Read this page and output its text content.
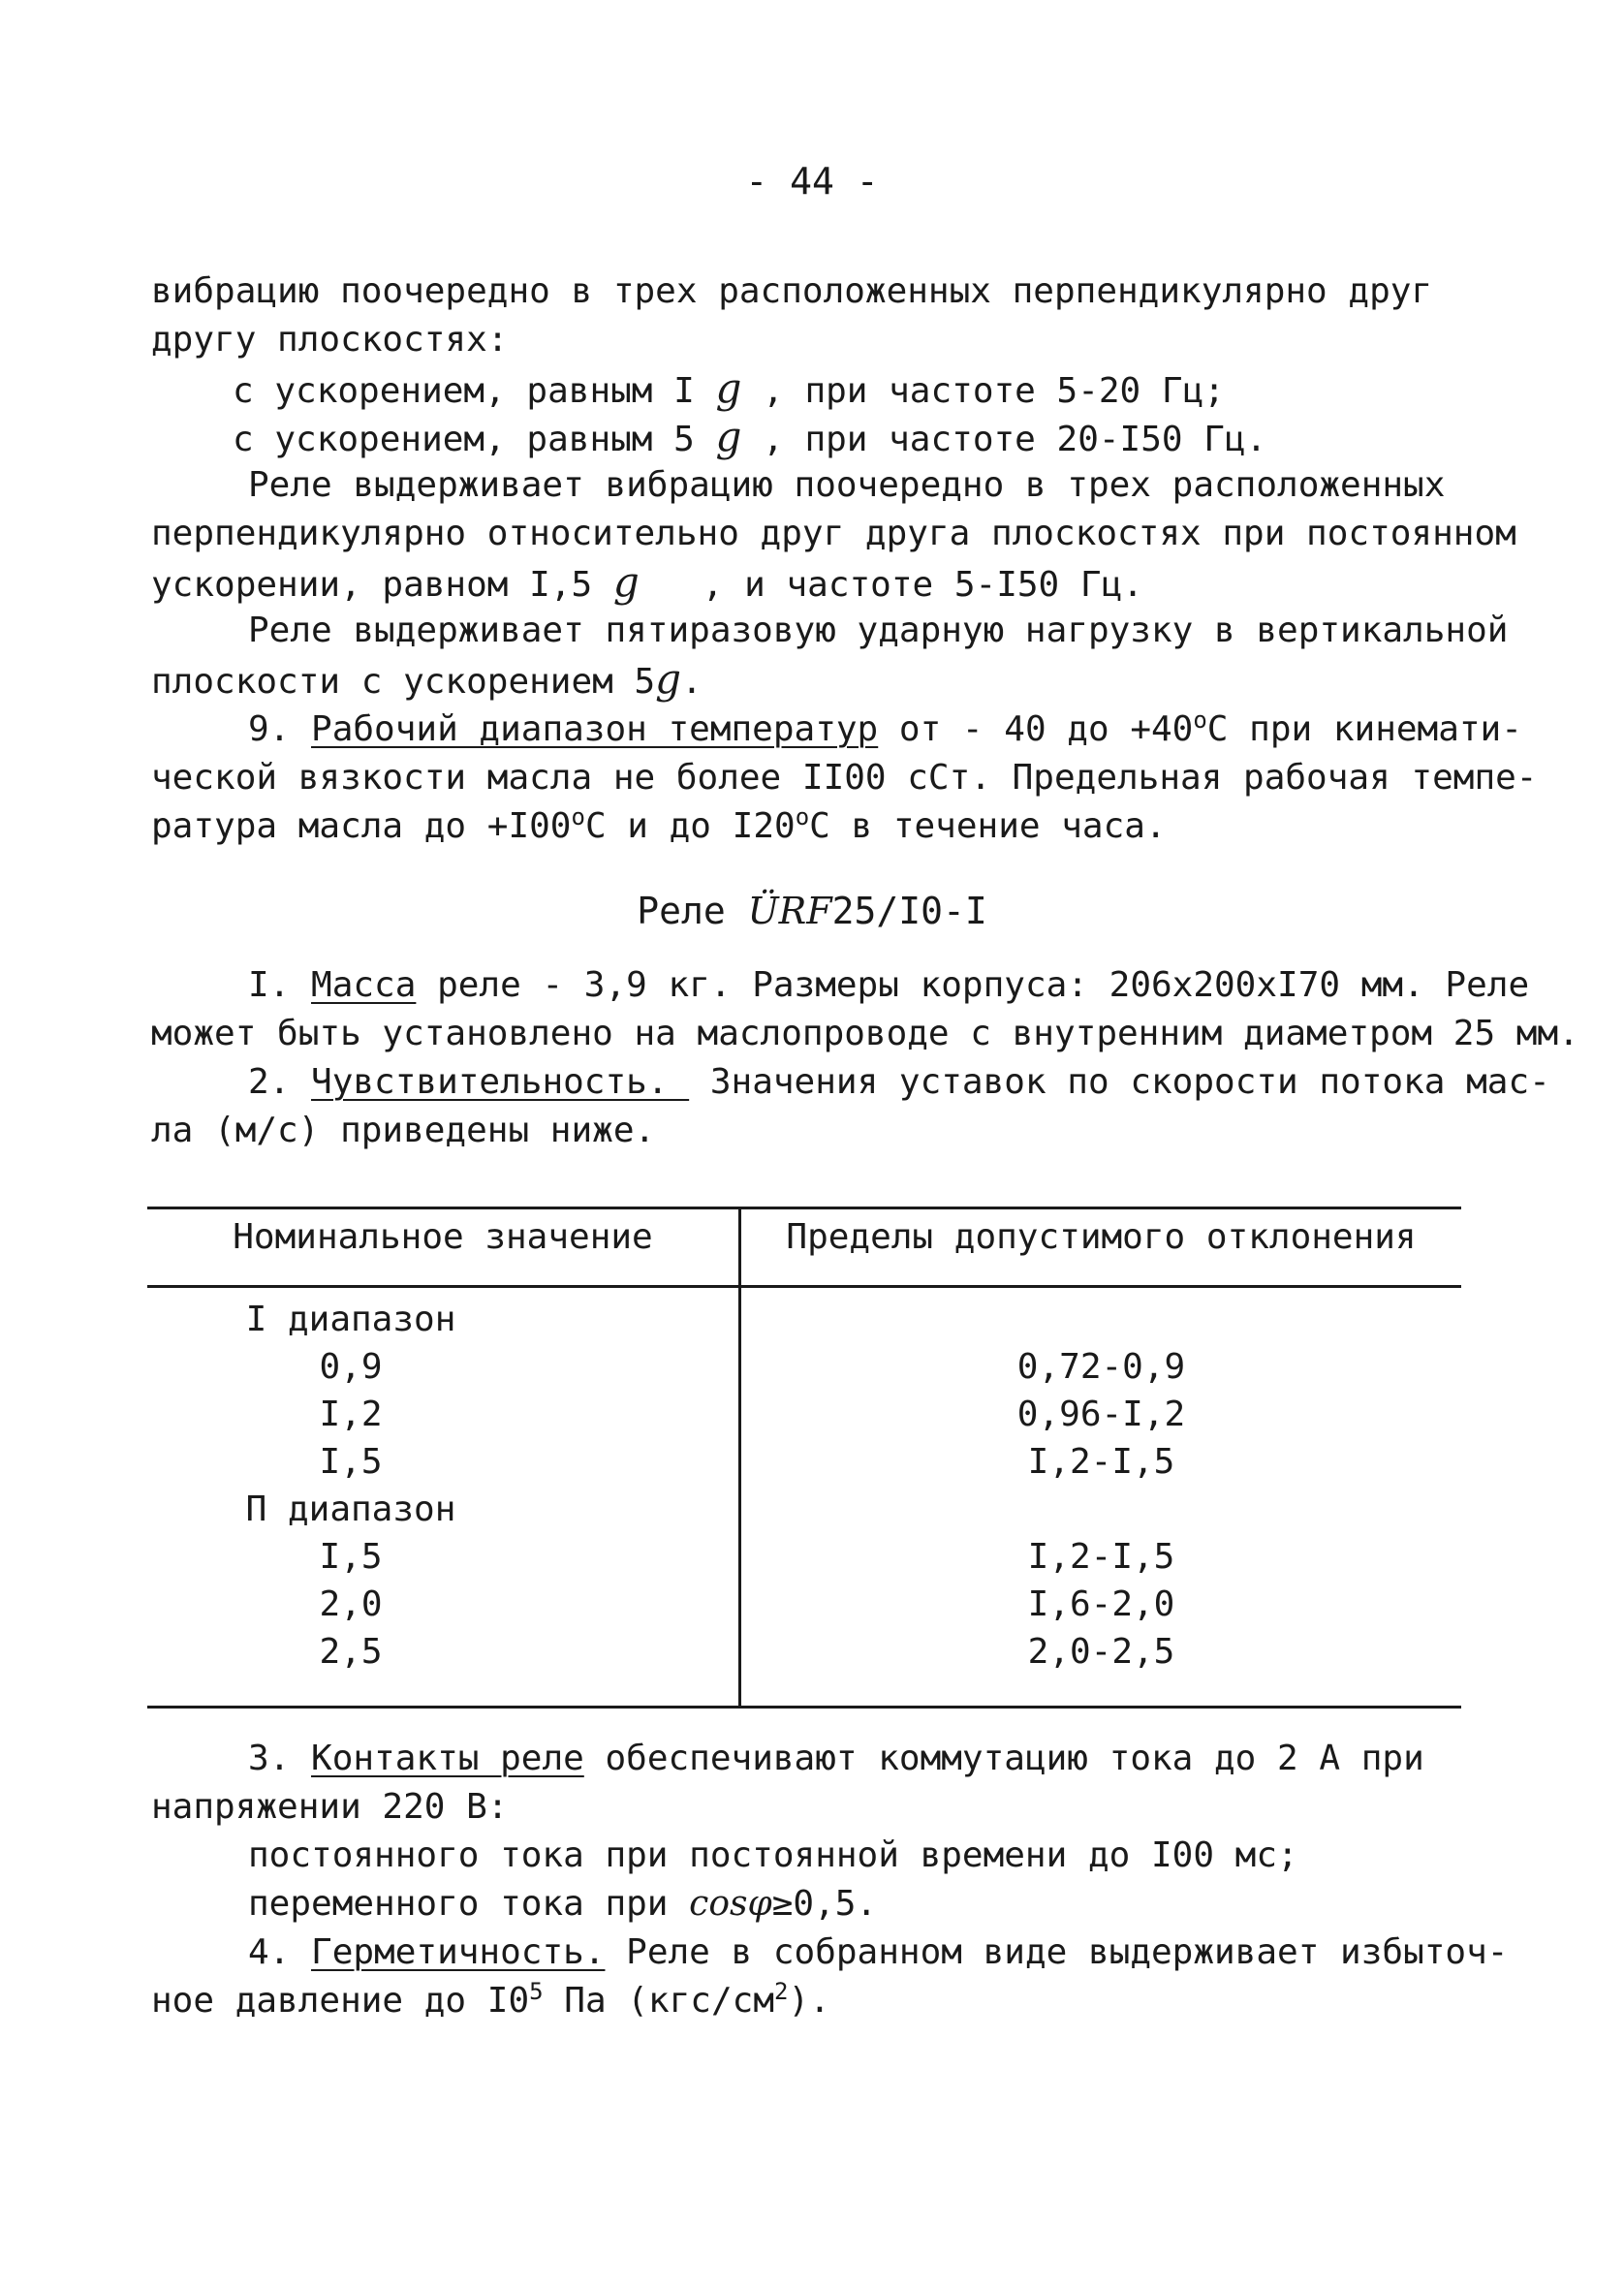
- 44 -
вибрацию поочередно в трех расположенных перпендикулярно друг
другу плоскостях:
с ускорением, равным I g , при частоте 5-20 Гц;
с ускорением, равным 5 g , при частоте 20-I50 Гц.
Реле выдерживает вибрацию поочередно в трех расположенных
перпендикулярно относительно друг друга плоскостях при постоянном
ускорении, равном I,5 g   , и частоте 5-I50 Гц.
Реле выдерживает пятиразовую ударную нагрузку в вертикальной
плоскости с ускорением 5g.
9. Рабочий диапазон температур от - 40 до $+40^оС$ при кинемати-
ческой вязкости масла не более II00 сСт. Предельная рабочая темпе-
ратура масла до $+I00^оС$ и до $I20^оС$ в течение часа.
Реле ÜRF25/I0-I
I. Масса реле - 3,9 кг. Размеры корпуса: 206х200хI70 мм. Реле
может быть установлено на маслопроводе с внутренним диаметром 25 мм.
2. Чувствительность.  Значения уставок по скорости потока мас-
ла (м/с) приведены ниже.
Номинальное значение	Пределы допустимого отклонения
I диапазон
0,9	0,72-0,9
I,2	0,96-I,2
I,5	I,2-I,5
П диапазон
I,5	I,2-I,5
2,0	I,6-2,0
2,5	2,0-2,5
3. Контакты реле обеспечивают коммутацию тока до 2 А при
напряжении 220 В:
постоянного тока при постоянной времени до I00 мс;
переменного тока при cosφ≥0,5.
4. Герметичность. Реле в собранном виде выдерживает избыточ-
ное давление до $I0^5$ Па $(кгс/см^2)$.
